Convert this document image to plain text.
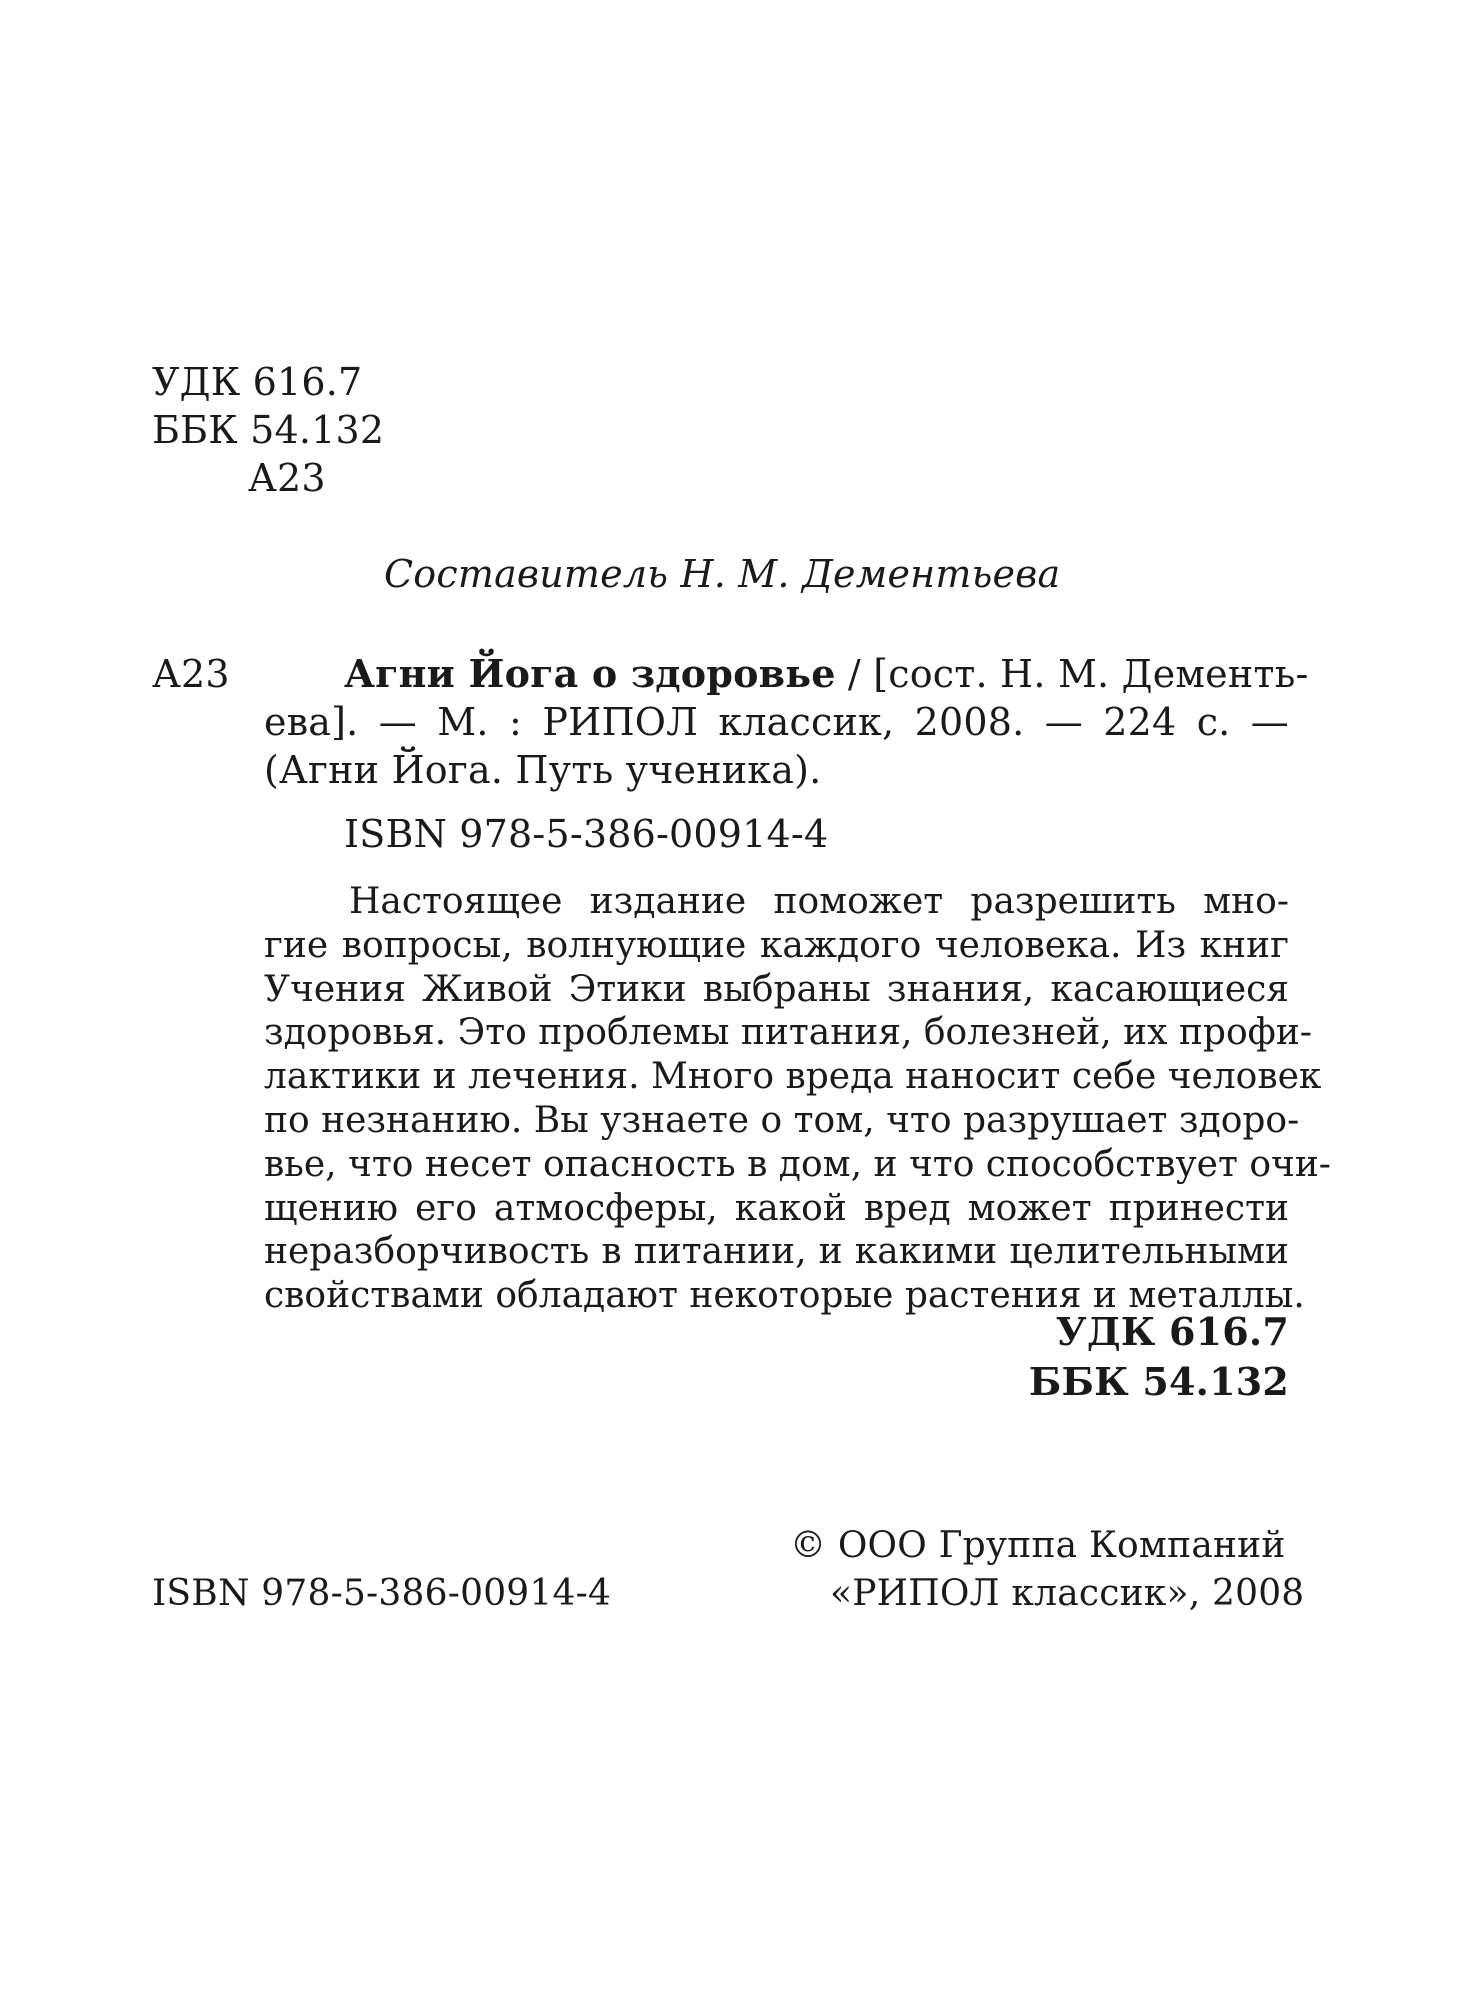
УДК 616.7
ББК 54.132
А23
Составитель Н. М. Дементьева
А23	Агни Йога о здоровье / [сост. Н. М. Дементь-
ева]. — М. : РИПОЛ классик, 2008. — 224 с. —
(Агни Йога. Путь ученика).
ISBN 978-5-386-00914-4
Настоящее издание поможет разрешить мно-
гие вопросы, волнующие каждого человека. Из книг
Учения Живой Этики выбраны знания, касающиеся
здоровья. Это проблемы питания, болезней, их профи-
лактики и лечения. Много вреда наносит себе человек
по незнанию. Вы узнаете о том, что разрушает здоро-
вье, что несет опасность в дом, и что способствует очи-
щению его атмосферы, какой вред может принести
неразборчивость в питании, и какими целительными
свойствами обладают некоторые растения и металлы.
УДК 616.7
ББК 54.132
© ООО Группа Компаний
ISBN 978-5-386-00914-4	«РИПОЛ классик», 2008
